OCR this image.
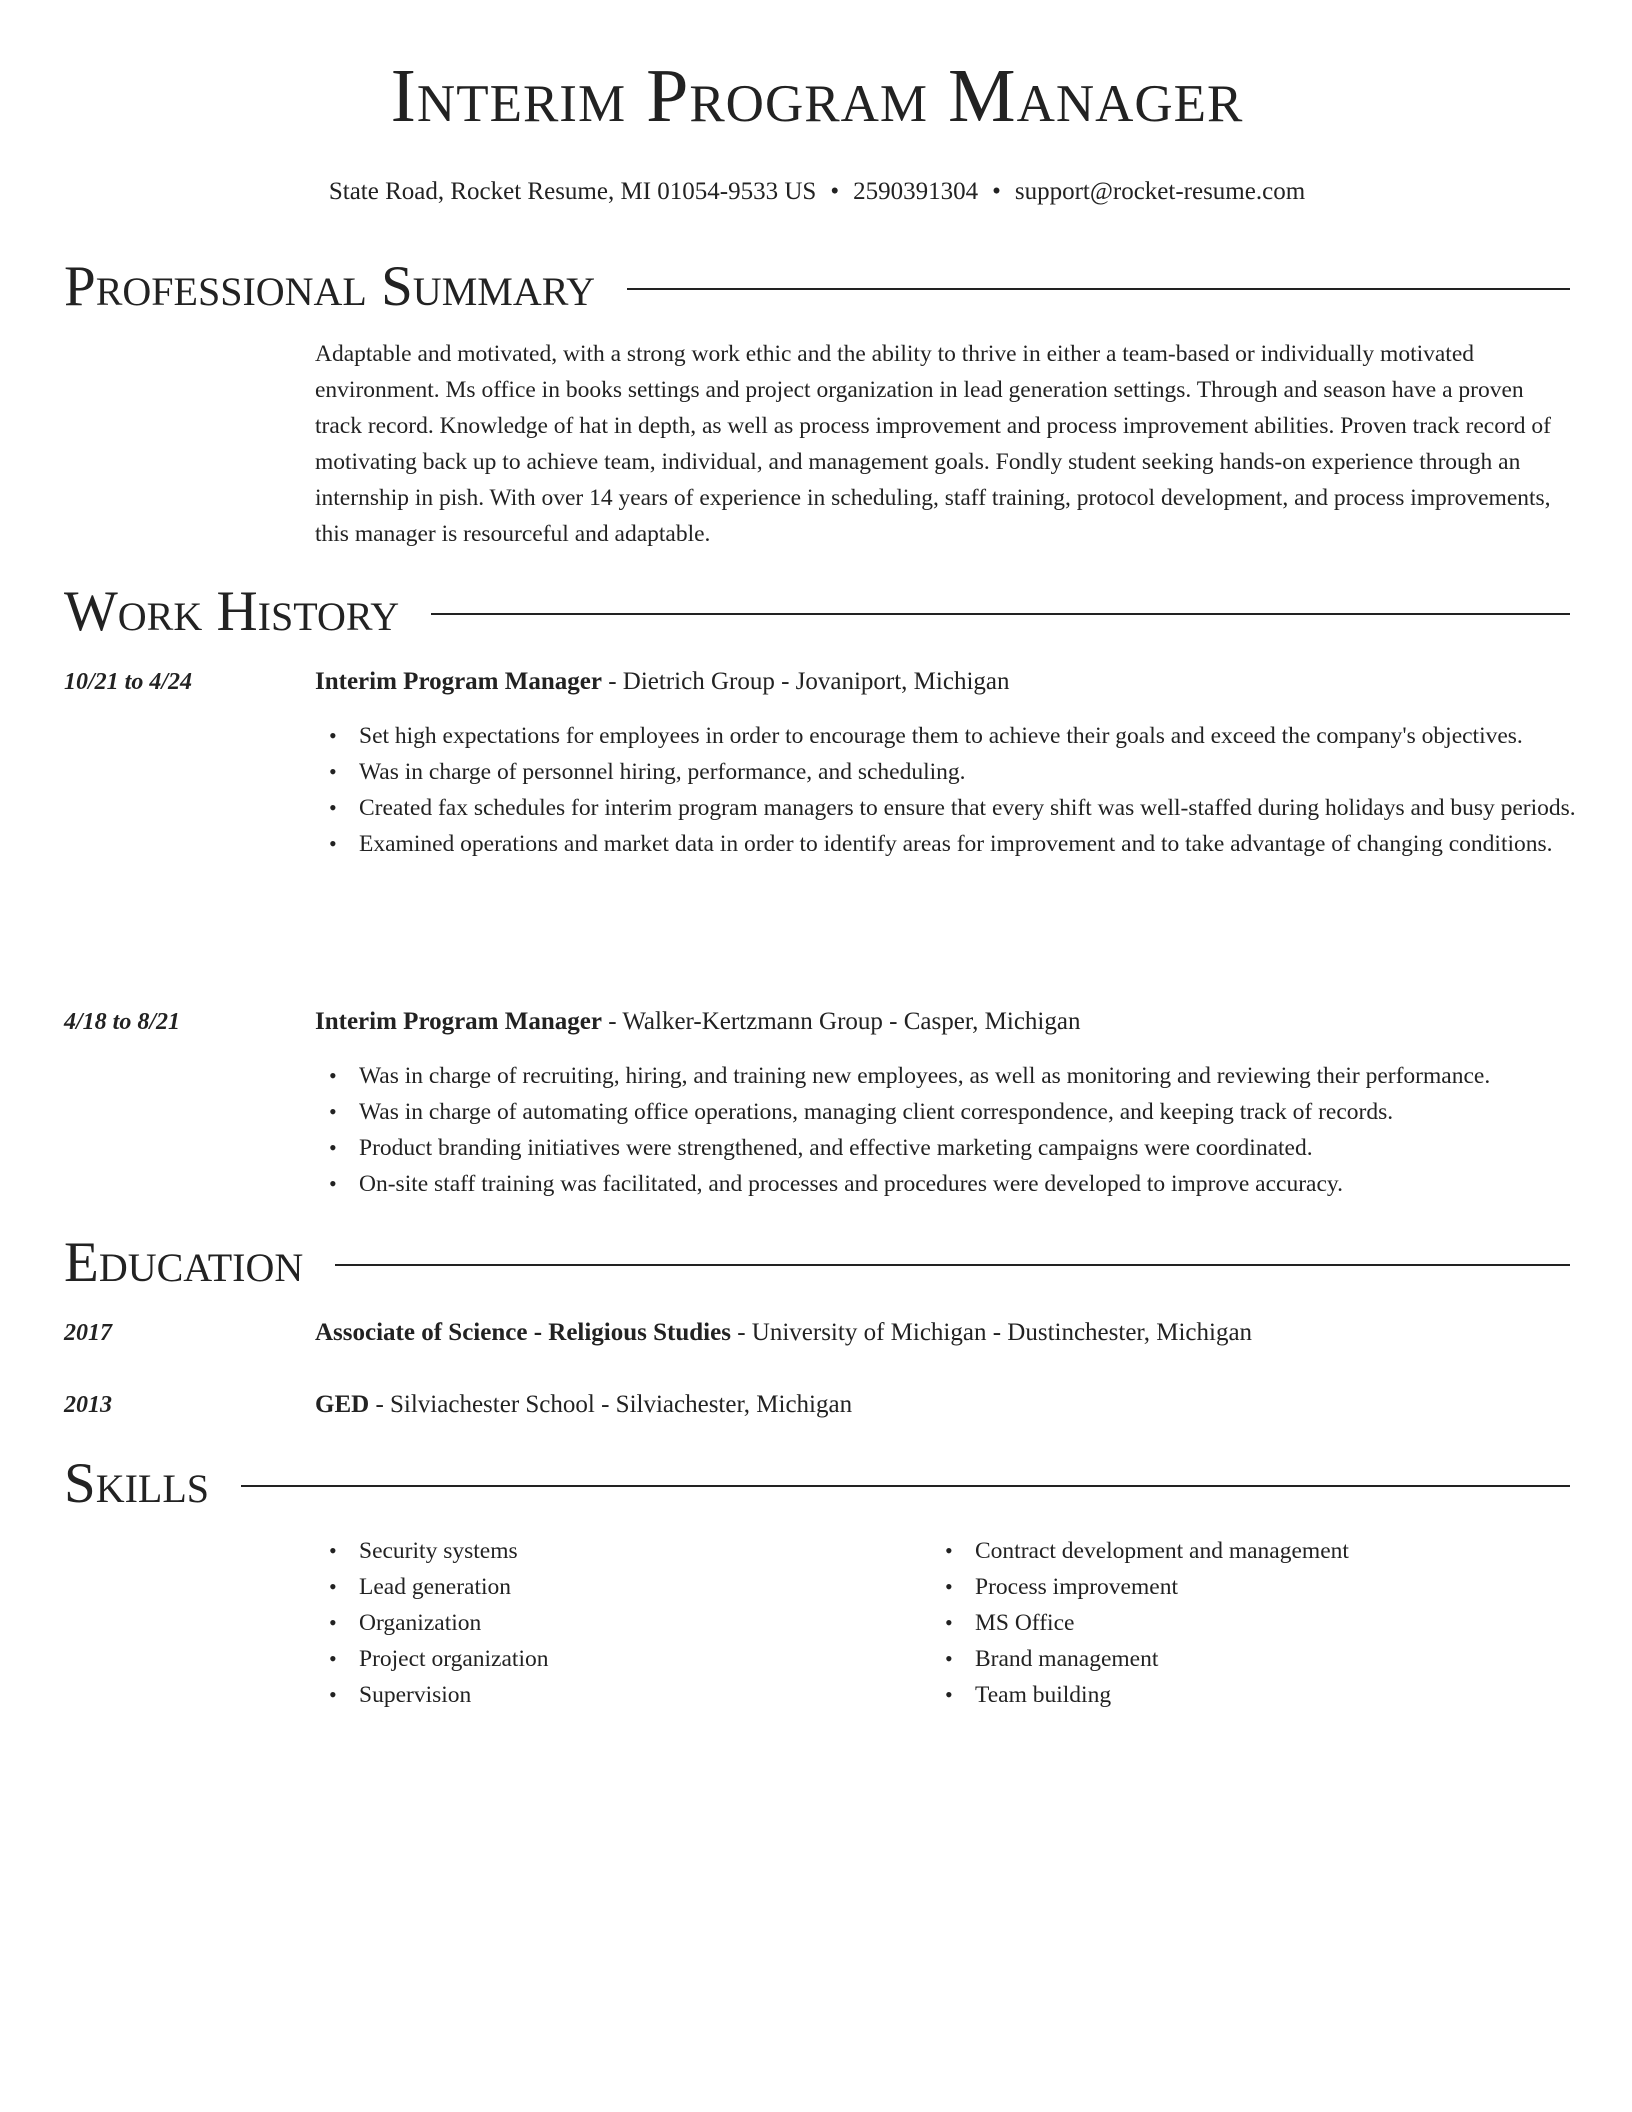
Interim Program Manager
State Road, Rocket Resume, MI 01054-9533 US • 2590391304 • support@rocket-resume.com
Professional Summary

Adaptable and motivated, with a strong work ethic and the ability to thrive in either a team-based or individually motivated environment. Ms office in books settings and project organization in lead generation settings. Through and season have a proven track record. Knowledge of hat in depth, as well as process improvement and process improvement abilities. Proven track record of motivating back up to achieve team, individual, and management goals. Fondly student seeking hands-on experience through an internship in pish. With over 14 years of experience in scheduling, staff training, protocol development, and process improvements, this manager is resourceful and adaptable.

Work History
10/21 to 4/24	Interim Program Manager - Dietrich Group - Jovaniport, Michigan
• Set high expectations for employees in order to encourage them to achieve their goals and exceed the company's objectives.
• Was in charge of personnel hiring, performance, and scheduling.
• Created fax schedules for interim program managers to ensure that every shift was well-staffed during holidays and busy periods.
• Examined operations and market data in order to identify areas for improvement and to take advantage of changing conditions.
4/18 to 8/21	Interim Program Manager - Walker-Kertzmann Group - Casper, Michigan
• Was in charge of recruiting, hiring, and training new employees, as well as monitoring and reviewing their performance.
• Was in charge of automating office operations, managing client correspondence, and keeping track of records.
• Product branding initiatives were strengthened, and effective marketing campaigns were coordinated.
• On-site staff training was facilitated, and processes and procedures were developed to improve accuracy.
Education
2017	Associate of Science - Religious Studies - University of Michigan - Dustinchester, Michigan
2013	GED - Silviachester School - Silviachester, Michigan
Skills
• Security systems
• Lead generation
• Organization
• Project organization
• Supervision
• Contract development and management
• Process improvement
• MS Office
• Brand management
• Team building
